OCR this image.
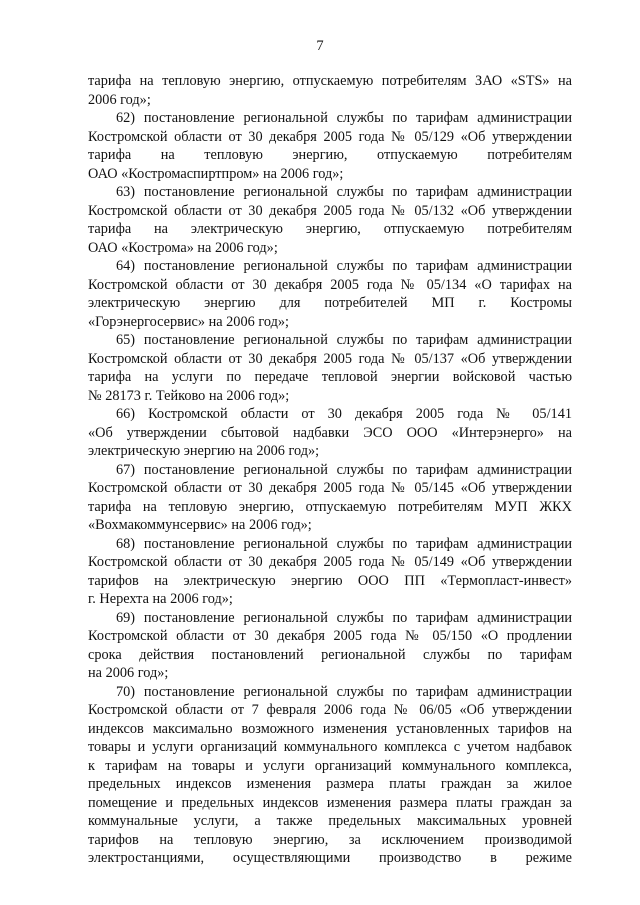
7
тарифа на тепловую энергию, отпускаемую потребителям ЗАО «STS» на
2006 год»;
62) постановление региональной службы по тарифам администрации
Костромской области от 30 декабря 2005 года № 05/129 «Об утверждении
тарифа на тепловую энергию, отпускаемую потребителям
ОАО «Костромаспиртпром» на 2006 год»;
63) постановление региональной службы по тарифам администрации
Костромской области от 30 декабря 2005 года № 05/132 «Об утверждении
тарифа на электрическую энергию, отпускаемую потребителям
ОАО «Кострома» на 2006 год»;
64) постановление региональной службы по тарифам администрации
Костромской области от 30 декабря 2005 года № 05/134 «О тарифах на
электрическую энергию для потребителей МП г. Костромы
«Горэнергосервис» на 2006 год»;
65) постановление региональной службы по тарифам администрации
Костромской области от 30 декабря 2005 года № 05/137 «Об утверждении
тарифа на услуги по передаче тепловой энергии войсковой частью
№ 28173 г. Тейково на 2006 год»;
66) Костромской области от 30 декабря 2005 года № 05/141
«Об утверждении сбытовой надбавки ЭСО ООО «Интерэнерго» на
электрическую энергию на 2006 год»;
67) постановление региональной службы по тарифам администрации
Костромской области от 30 декабря 2005 года № 05/145 «Об утверждении
тарифа на тепловую энергию, отпускаемую потребителям МУП ЖКХ
«Вохмакоммунсервис» на 2006 год»;
68) постановление региональной службы по тарифам администрации
Костромской области от 30 декабря 2005 года № 05/149 «Об утверждении
тарифов на электрическую энергию ООО ПП «Термопласт-инвест»
г. Нерехта на 2006 год»;
69) постановление региональной службы по тарифам администрации
Костромской области от 30 декабря 2005 года № 05/150 «О продлении
срока действия постановлений региональной службы по тарифам
на 2006 год»;
70) постановление региональной службы по тарифам администрации
Костромской области от 7 февраля 2006 года № 06/05 «Об утверждении
индексов максимально возможного изменения установленных тарифов на
товары и услуги организаций коммунального комплекса с учетом надбавок
к тарифам на товары и услуги организаций коммунального комплекса,
предельных индексов изменения размера платы граждан за жилое
помещение и предельных индексов изменения размера платы граждан за
коммунальные услуги, а также предельных максимальных уровней
тарифов на тепловую энергию, за исключением производимой
электростанциями, осуществляющими производство в режиме
